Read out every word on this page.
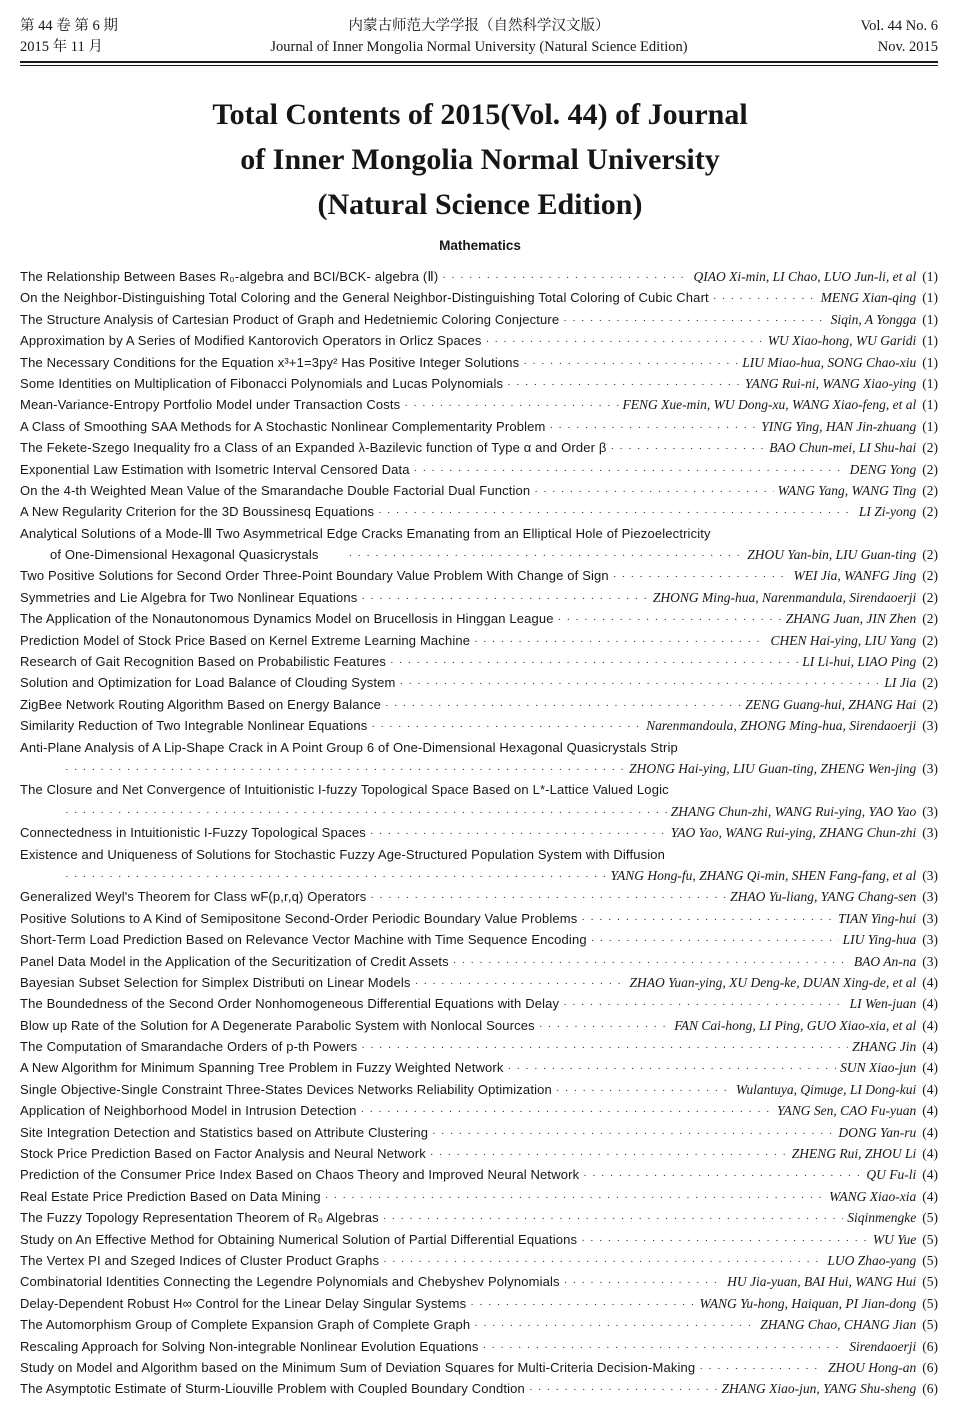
第 44 卷 第 6 期
2015 年 11 月
内蒙古师范大学学报（自然科学汉文版）
Journal of Inner Mongolia Normal University (Natural Science Edition)
Vol. 44 No. 6
Nov. 2015
Total Contents of 2015(Vol. 44) of Journal
of Inner Mongolia Normal University
(Natural Science Edition)
Mathematics
The Relationship Between Bases R₀-algebra and BCI/BCK- algebra (Ⅱ) · · ·	QIAO Xi-min, LI Chao, LUO Jun-li, et al (1)
On the Neighbor-Distinguishing Total Coloring and the General Neighbor-Distinguishing Total Coloring of Cubic Chart · · ·	MENG Xian-qing (1)
The Structure Analysis of Cartesian Product of Graph and Hedetniemic Coloring Conjecture · · ·	Siqin, A Yongga (1)
Approximation by A Series of Modified Kantorovich Operators in Orlicz Spaces · · ·	WU Xiao-hong, WU Garidi (1)
The Necessary Conditions for the Equation x³+1=3py² Has Positive Integer Solutions · · ·	LIU Miao-hua, SONG Chao-xiu (1)
Some Identities on Multiplication of Fibonacci Polynomials and Lucas Polynomials · · ·	YANG Rui-ni, WANG Xiao-ying (1)
Mean-Variance-Entropy Portfolio Model under Transaction Costs · · ·	FENG Xue-min, WU Dong-xu, WANG Xiao-feng, et al (1)
A Class of Smoothing SAA Methods for A Stochastic Nonlinear Complementarity Problem · · ·	YING Ying, HAN Jin-zhuang (1)
The Fekete-Szego Inequality fro a Class of an Expanded λ-Bazilevic function of Type α and Order β · · ·	BAO Chun-mei, LI Shu-hai (2)
Exponential Law Estimation with Isometric Interval Censored Data · · ·	DENG Yong (2)
On the 4-th Weighted Mean Value of the Smarandache Double Factorial Dual Function · · ·	WANG Yang, WANG Ting (2)
A New Regularity Criterion for the 3D Boussinesq Equations · · ·	LI Zi-yong (2)
Analytical Solutions of a Mode-Ⅲ Two Asymmetrical Edge Cracks Emanating from an Elliptical Hole of Piezoelectricity
of One-Dimensional Hexagonal Quasicrystals · · ·	ZHOU Yan-bin, LIU Guan-ting (2)
Two Positive Solutions for Second Order Three-Point Boundary Value Problem With Change of Sign · · ·	WEI Jia, WANFG Jing (2)
Symmetries and Lie Algebra for Two Nonlinear Equations · · ·	ZHONG Ming-hua, Narenmandula, Sirendaoerji (2)
The Application of the Nonautonomous Dynamics Model on Brucellosis in Hinggan League · · ·	ZHANG Juan, JIN Zhen (2)
Prediction Model of Stock Price Based on Kernel Extreme Learning Machine · · ·	CHEN Hai-ying, LIU Yang (2)
Research of Gait Recognition Based on Probabilistic Features · · ·	LI Li-hui, LIAO Ping (2)
Solution and Optimization for Load Balance of Clouding System · · ·	LI Jia (2)
ZigBee Network Routing Algorithm Based on Energy Balance · · ·	ZENG Guang-hui, ZHANG Hai (2)
Similarity Reduction of Two Integrable Nonlinear Equations · · ·	Narenmandoula, ZHONG Ming-hua, Sirendaoerji (3)
Anti-Plane Analysis of A Lip-Shape Crack in A Point Group 6 of One-Dimensional Hexagonal Quasicrystals Strip
· · ·
ZHONG Hai-ying, LIU Guan-ting, ZHENG Wen-jing (3)
The Closure and Net Convergence of Intuitionistic I-fuzzy Topological Space Based on L*-Lattice Valued Logic
· · ·
ZHANG Chun-zhi, WANG Rui-ying, YAO Yao (3)
Connectedness in Intuitionistic I-Fuzzy Topological Spaces · · ·	YAO Yao, WANG Rui-ying, ZHANG Chun-zhi (3)
Existence and Uniqueness of Solutions for Stochastic Fuzzy Age-Structured Population System with Diffusion
· · ·
YANG Hong-fu, ZHANG Qi-min, SHEN Fang-fang, et al (3)
Generalized Weyl's Theorem for Class wF(p,r,q) Operators · · ·	ZHAO Yu-liang, YANG Chang-sen (3)
Positive Solutions to A Kind of Semipositone Second-Order Periodic Boundary Value Problems · · ·	TIAN Ying-hui (3)
Short-Term Load Prediction Based on Relevance Vector Machine with Time Sequence Encoding · · ·	LIU Ying-hua (3)
Panel Data Model in the Application of the Securitization of Credit Assets · · ·	BAO An-na (3)
Bayesian Subset Selection for Simplex Distributi on Linear Models · · ·	ZHAO Yuan-ying, XU Deng-ke, DUAN Xing-de, et al (4)
The Boundedness of the Second Order Nonhomogeneous Differential Equations with Delay · · ·	LI Wen-juan (4)
Blow up Rate of the Solution for A Degenerate Parabolic System with Nonlocal Sources · · ·	FAN Cai-hong, LI Ping, GUO Xiao-xia, et al (4)
The Computation of Smarandache Orders of p-th Powers · · ·	ZHANG Jin (4)
A New Algorithm for Minimum Spanning Tree Problem in Fuzzy Weighted Network · · ·	SUN Xiao-jun (4)
Single Objective-Single Constraint Three-States Devices Networks Reliability Optimization · · ·	Wulantuya, Qimuge, LI Dong-kui (4)
Application of Neighborhood Model in Intrusion Detection · · ·	YANG Sen, CAO Fu-yuan (4)
Site Integration Detection and Statistics based on Attribute Clustering · · ·	DONG Yan-ru (4)
Stock Price Prediction Based on Factor Analysis and Neural Network · · ·	ZHENG Rui, ZHOU Li (4)
Prediction of the Consumer Price Index Based on Chaos Theory and Improved Neural Network · · ·	QU Fu-li (4)
Real Estate Price Prediction Based on Data Mining · · ·	WANG Xiao-xia (4)
The Fuzzy Topology Representation Theorem of R₀ Algebras · · ·	Siqinmengke (5)
Study on An Effective Method for Obtaining Numerical Solution of Partial Differential Equations · · ·	WU Yue (5)
The Vertex PI and Szeged Indices of Cluster Product Graphs · · ·	LUO Zhao-yang (5)
Combinatorial Identities Connecting the Legendre Polynomials and Chebyshev Polynomials · · ·	HU Jia-yuan, BAI Hui, WANG Hui (5)
Delay-Dependent Robust H∞ Control for the Linear Delay Singular Systems · · ·	WANG Yu-hong, Haiquan, PI Jian-dong (5)
The Automorphism Group of Complete Expansion Graph of Complete Graph · · ·	ZHANG Chao, CHANG Jian (5)
Rescaling Approach for Solving Non-integrable Nonlinear Evolution Equations · · ·	Sirendaoerji (6)
Study on Model and Algorithm based on the Minimum Sum of Deviation Squares for Multi-Criteria Decision-Making · · ·	ZHOU Hong-an (6)
The Asymptotic Estimate of Sturm-Liouville Problem with Coupled Boundary Condtion · · ·	ZHANG Xiao-jun, YANG Shu-sheng (6)
